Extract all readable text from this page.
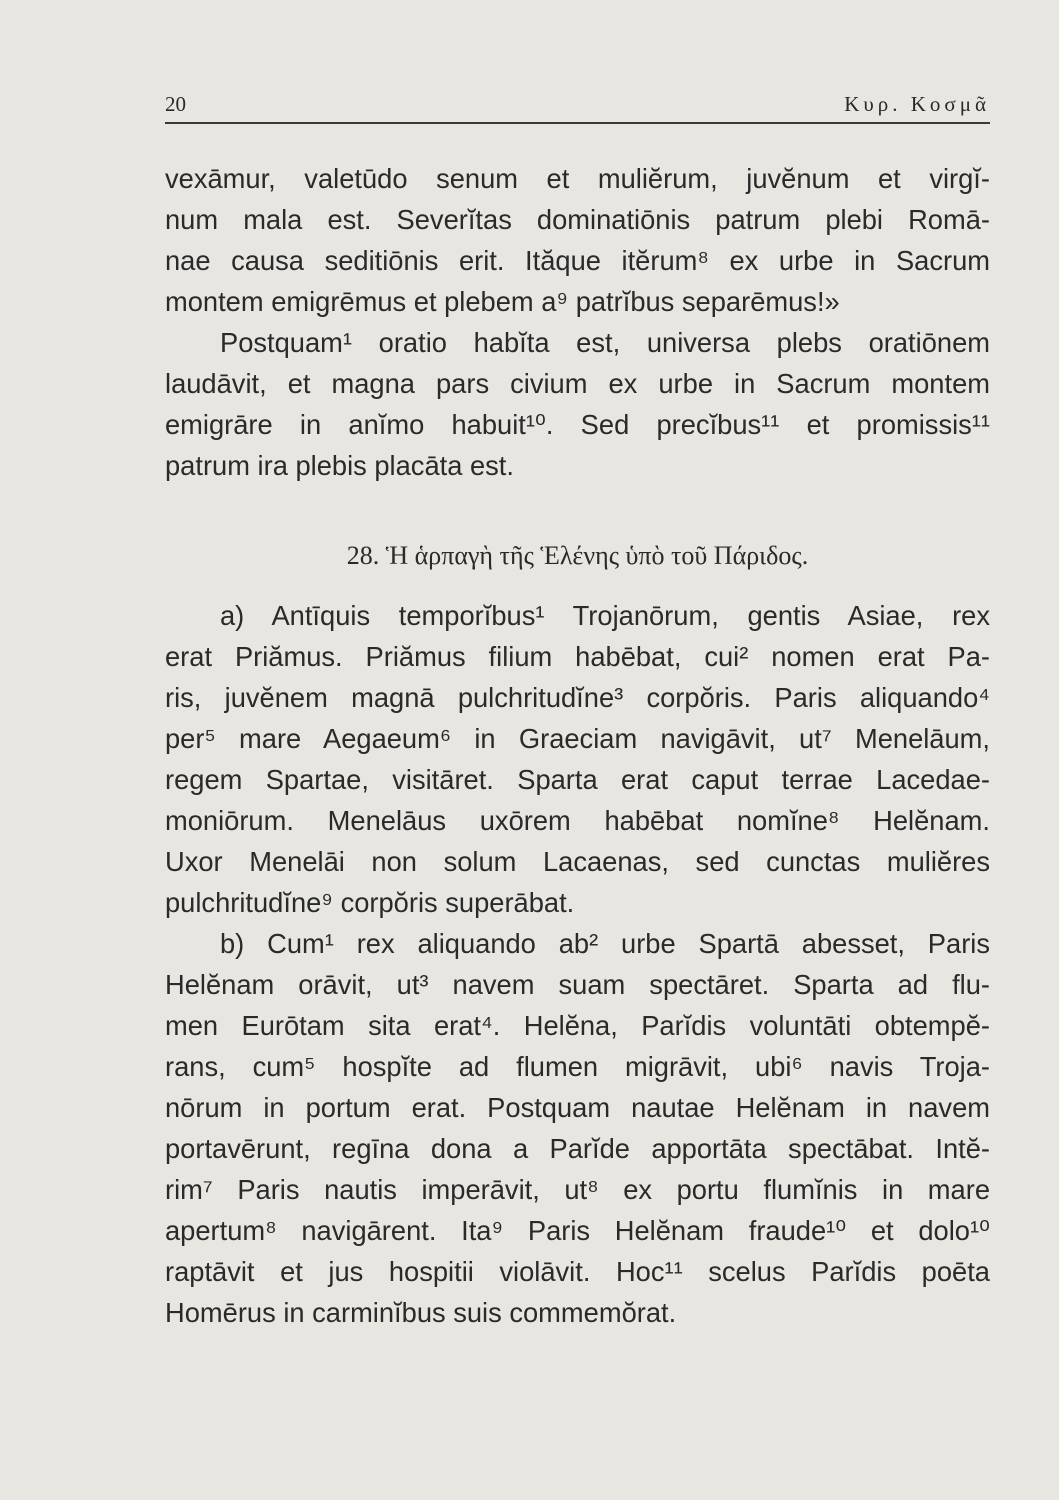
20	Κυρ. Κοσμᾶ

vexāmur, valetūdo senum et muliĕrum, juvĕnum et virgĭ-
num mala est. Severĭtas dominatiōnis patrum plebi Romā-
nae causa seditiōnis erit. Ităque itĕrum⁸ ex urbe in Sacrum
montem emigrēmus et plebem a⁹ patrĭbus separēmus!»

Postquam¹ oratio habĭta est, universa plebs oratiōnem
laudāvit, et magna pars civium ex urbe in Sacrum montem
emigrāre in anĭmo habuit¹⁰. Sed precĭbus¹¹ et promissis¹¹
patrum ira plebis placāta est.

28. Ἡ ἁρπαγὴ τῆς Ἑλένης ὑπὸ τοῦ Πάριδος.

a) Antīquis temporĭbus¹ Trojanōrum, gentis Asiae, rex
erat Priămus. Priămus filium habēbat, cui² nomen erat Pa-
ris, juvĕnem magnā pulchritudĭne³ corpŏris. Paris aliquando⁴
per⁵ mare Aegaeum⁶ in Graeciam navigāvit, ut⁷ Menelāum,
regem Spartae, visitāret. Sparta erat caput terrae Lacedae-
moniōrum. Menelāus uxōrem habēbat nomĭne⁸ Helĕnam.
Uxor Menelāi non solum Lacaenas, sed cunctas muliĕres
pulchritudĭne⁹ corpŏris superābat.

b) Cum¹ rex aliquando ab² urbe Spartā abesset, Paris
Helĕnam orāvit, ut³ navem suam spectāret. Sparta ad flu-
men Eurōtam sita erat⁴. Helĕna, Parĭdis voluntāti obtempĕ-
rans, cum⁵ hospĭte ad flumen migrāvit, ubi⁶ navis Troja-
nōrum in portum erat. Postquam nautae Helĕnam in navem
portavērunt, regīna dona a Parĭde apportāta spectābat. Intĕ-
rim⁷ Paris nautis imperāvit, ut⁸ ex portu flumĭnis in mare
apertum⁸ navigārent. Ita⁹ Paris Helĕnam fraude¹⁰ et dolo¹⁰
raptāvit et jus hospitii violāvit. Hoc¹¹ scelus Parĭdis poēta
Homērus in carminĭbus suis commemŏrat.
